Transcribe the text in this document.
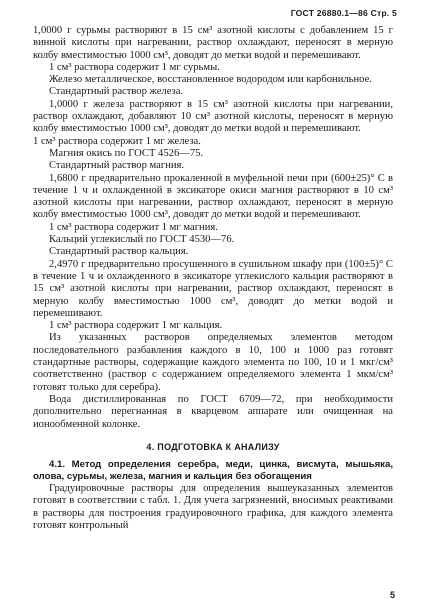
ГОСТ 26880.1—86 Стр. 5

1,0000 г сурьмы растворяют в 15 см³ азотной кислоты с добавлением 15 г винной кислоты при нагревании, раствор охлаждают, переносят в мерную колбу вместимостью 1000 см³, доводят до метки водой и перемешивают.

1 см³ раствора содержит 1 мг сурьмы.

Железо металлическое, восстановленное водородом или карбонильное.

Стандартный раствор железа.

1,0000 г железа растворяют в 15 см³ азотной кислоты при нагревании, раствор охлаждают, добавляют 10 см³ азотной кислоты, переносят в мерную колбу вместимостью 1000 см³, доводят до метки водой и перемешивают.

1 см³ раствора содержит 1 мг железа.

Магния окись по ГОСТ 4526—75.

Стандартный раствор магния.

1,6800 г предварительно прокаленной в муфельной печи при (600±25)° С в течение 1 ч и охлажденной в эксикаторе окиси магния растворяют в 10 см³ азотной кислоты при нагревании, раствор охлаждают, переносят в мерную колбу вместимостью 1000 см³, доводят до метки водой и перемешивают.

1 см³ раствора содержит 1 мг магния.

Кальций углекислый по ГОСТ 4530—76.

Стандартный раствор кальция.

2,4970 г предварительно просушенного в сушильном шкафу при (100±5)° С в течение 1 ч и охлажденного в эксикаторе углекислого кальция растворяют в 15 см³ азотной кислоты при нагревании, раствор охлаждают, переносят в мерную колбу вместимостью 1000 см³, доводят до метки водой и перемешивают.

1 см³ раствора содержит 1 мг кальция.

Из указанных растворов определяемых элементов методом последовательного разбавления каждого в 10, 100 и 1000 раз готовят стандартные растворы, содержащие каждого элемента по 100, 10 и 1 мкг/см³ соответственно (раствор с содержанием определяемого элемента 1 мкм/см³ готовят только для серебра).

Вода дистиллированная по ГОСТ 6709—72, при необходимости дополнительно перегнанная в кварцевом аппарате или очищенная на ионообменной колонке.

4. ПОДГОТОВКА К АНАЛИЗУ

4.1. Метод определения серебра, меди, цинка, висмута, мышьяка, олова, сурьмы, железа, магния и кальция без обогащения

Градуировочные растворы для определения вышеуказанных элементов готовят в соответствии с табл. 1. Для учета загрязнений, вносимых реактивами в растворы для построения градуировочного графика, для каждого элемента готовят контрольный

5
